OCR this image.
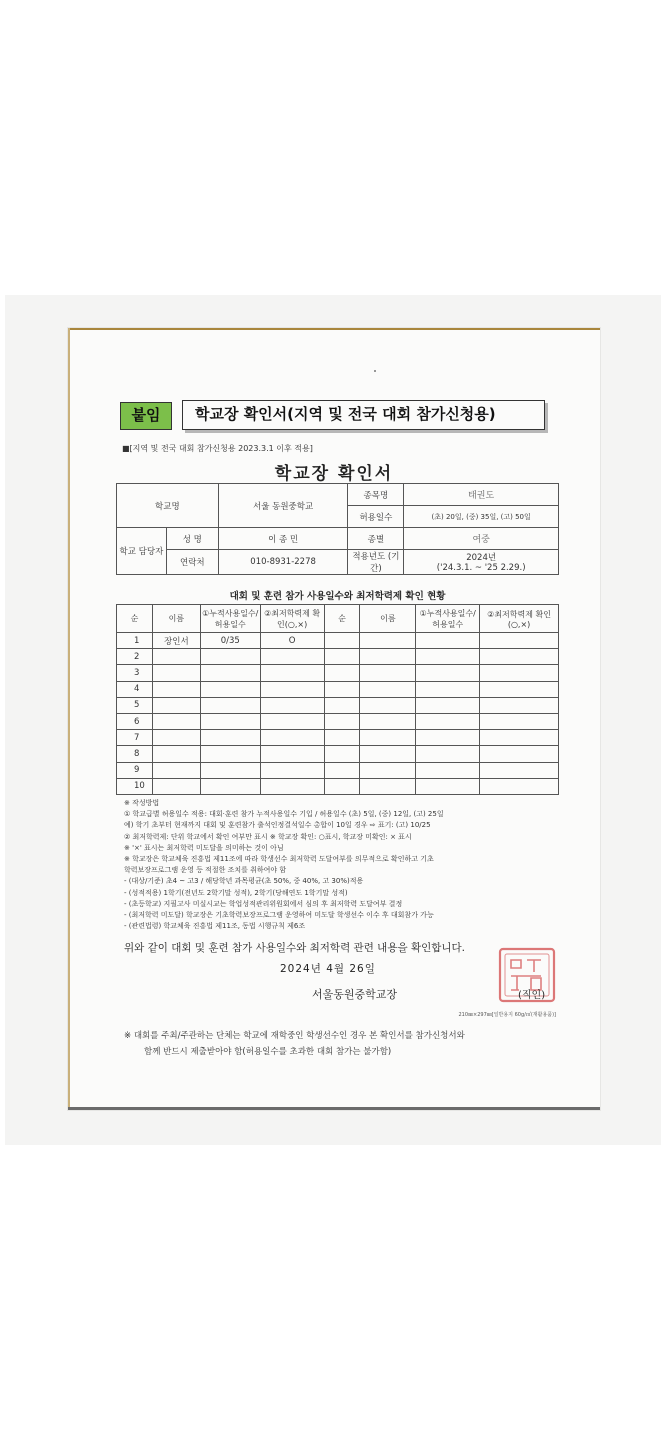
붙임	학교장 확인서(지역 및 전국 대회 참가신청용)
■[지역 및 전국 대회 참가신청용 2023.3.1 이후 적용]
학교장 확인서
학교명		서울 동원중학교	종목명	태권도
			허용일수	(초) 20일, (중) 35일, (고) 50일
학교 담당자	성 명	이 종 민	종별	여중
	연락처	010-8931-2278	적용년도 (기간)	2024년
('24.3.1. ~ '25 2.29.)
대회 및 훈련 참가 사용일수와 최저학력제 확인 현황
순	이름	①누적사용일수/허용일수	②최저학력제 확인(○,×)	순	이름	①누적사용일수/허용일수	②최저학력제 확인(○,×)
1	장인서	0/35	O				
2							
3							
4							
5							
6							
7							
8							
9							
10							
※ 작성방법
① 학교급별 허용일수 적용: 대회·훈련 참가 누적사용일수 기입 / 허용일수 (초) 5일, (중) 12일, (고) 25일
예) 학기 초부터 현재까지 대회 및 훈련참가 출석인정결석일수 총합이 10일 경우 ⇨ 표기: (고) 10/25
② 최저학력제: 단위 학교에서 확인 여부만 표시 ※ 학교장 확인: ○표시, 학교장 미확인: × 표시
※ '×' 표시는 최저학력 미도달을 의미하는 것이 아님
※ 학교장은 학교체육 진흥법 제11조에 따라 학생선수 최저학력 도달여부를 의무적으로 확인하고 기초
학력보장프로그램 운영 등 적절한 조치를 취하여야 함
- (대상/기준) 초4 ~ 고3 / 해당학년 과목평균(초 50%, 중 40%, 고 30%)적용
- (성적적용) 1학기(전년도 2학기말 성적), 2학기(당해연도 1학기말 성적)
- (초등학교) 지필고사 미실시교는 학업성적관리위원회에서 심의 후 최저학력 도달여부 결정
- (최저학력 미도달) 학교장은 기초학력보장프로그램 운영하여 미도달 학생선수 이수 후 대회참가 가능
- (관련법령) 학교체육 진흥법 제11조, 동법 시행규칙 제6조
위와 같이 대회 및 훈련 참가 사용일수와 최저학력 관련 내용을 확인합니다.
2024년 4월 26일
서울동원중학교장	(직인)
210㎜×297㎜[일반용지 60g/㎡(재활용품)]
※ 대회를 주최/주관하는 단체는 학교에 재학중인 학생선수인 경우 본 확인서를 참가신청서와
함께 반드시 제출받아야 함(허용일수를 초과한 대회 참가는 불가함)
